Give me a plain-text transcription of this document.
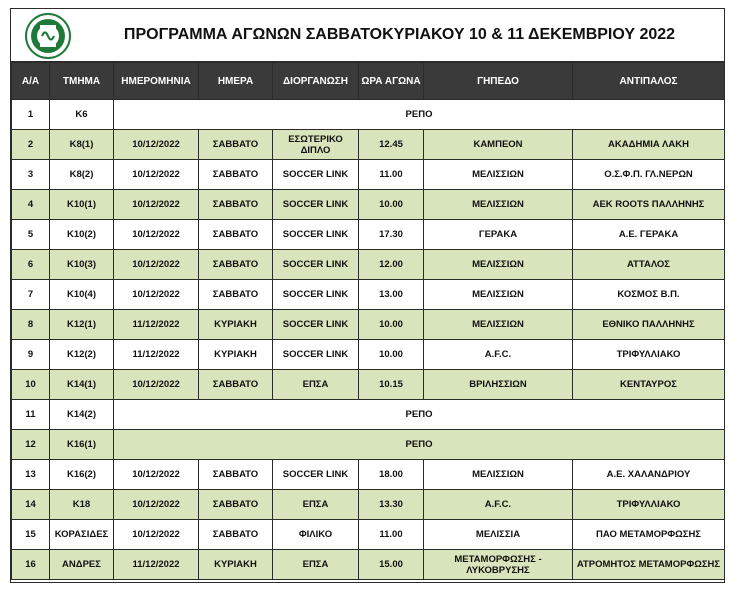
ΠΡΟΓΡΑΜΜΑ ΑΓΩΝΩΝ ΣΑΒΒΑΤΟΚΥΡΙΑΚΟΥ 10 & 11 ΔΕΚΕΜΒΡΙΟΥ 2022
Α/Α	ΤΜΗΜΑ	ΗΜΕΡΟΜΗΝΙΑ	ΗΜΕΡΑ	ΔΙΟΡΓΑΝΩΣΗ	ΩΡΑ ΑΓΩΝΑ	ΓΗΠΕΔΟ	ΑΝΤΙΠΑΛΟΣ
1	Κ6	ΡΕΠΟ					
2	Κ8(1)	10/12/2022	ΣΑΒΒΑΤΟ	ΕΣΩΤΕΡΙΚΟ ΔΙΠΛΟ	12.45	ΚΑΜΠΕΟΝ	ΑΚΑΔΗΜΙΑ ΛΑΚΗ
3	Κ8(2)	10/12/2022	ΣΑΒΒΑΤΟ	SOCCER LINK	11.00	ΜΕΛΙΣΣΙΩΝ	Ο.Σ.Φ.Π. ΓΛ.ΝΕΡΩΝ
4	Κ10(1)	10/12/2022	ΣΑΒΒΑΤΟ	SOCCER LINK	10.00	ΜΕΛΙΣΣΙΩΝ	ΑΕΚ ROOTS ΠΑΛΛΗΝΗΣ
5	Κ10(2)	10/12/2022	ΣΑΒΒΑΤΟ	SOCCER LINK	17.30	ΓΕΡΑΚΑ	Α.Ε. ΓΕΡΑΚΑ
6	Κ10(3)	10/12/2022	ΣΑΒΒΑΤΟ	SOCCER LINK	12.00	ΜΕΛΙΣΣΙΩΝ	ΑΤΤΑΛΟΣ
7	Κ10(4)	10/12/2022	ΣΑΒΒΑΤΟ	SOCCER LINK	13.00	ΜΕΛΙΣΣΙΩΝ	ΚΟΣΜΟΣ Β.Π.
8	Κ12(1)	11/12/2022	ΚΥΡΙΑΚΗ	SOCCER LINK	10.00	ΜΕΛΙΣΣΙΩΝ	ΕΘΝΙΚΟ ΠΑΛΛΗΝΗΣ
9	Κ12(2)	11/12/2022	ΚΥΡΙΑΚΗ	SOCCER LINK	10.00	A.F.C.	ΤΡΙΦΥΛΛΙΑΚΟ
10	Κ14(1)	10/12/2022	ΣΑΒΒΑΤΟ	ΕΠΣΑ	10.15	ΒΡΙΛΗΣΣΙΩΝ	ΚΕΝΤΑΥΡΟΣ
11	Κ14(2)	ΡΕΠΟ					
12	Κ16(1)	ΡΕΠΟ					
13	Κ16(2)	10/12/2022	ΣΑΒΒΑΤΟ	SOCCER LINK	18.00	ΜΕΛΙΣΣΙΩΝ	Α.Ε. ΧΑΛΑΝΔΡΙΟΥ
14	Κ18	10/12/2022	ΣΑΒΒΑΤΟ	ΕΠΣΑ	13.30	A.F.C.	ΤΡΙΦΥΛΛΙΑΚΟ
15	ΚΟΡΑΣΙΔΕΣ	10/12/2022	ΣΑΒΒΑΤΟ	ΦΙΛΙΚΟ	11.00	ΜΕΛΙΣΣΙΑ	ΠΑΟ ΜΕΤΑΜΟΡΦΩΣΗΣ
16	ΑΝΔΡΕΣ	11/12/2022	ΚΥΡΙΑΚΗ	ΕΠΣΑ	15.00	ΜΕΤΑΜΟΡΦΩΣΗΣ - ΛΥΚΟΒΡΥΣΗΣ	ΑΤΡΟΜΗΤΟΣ ΜΕΤΑΜΟΡΦΩΣΗΣ
